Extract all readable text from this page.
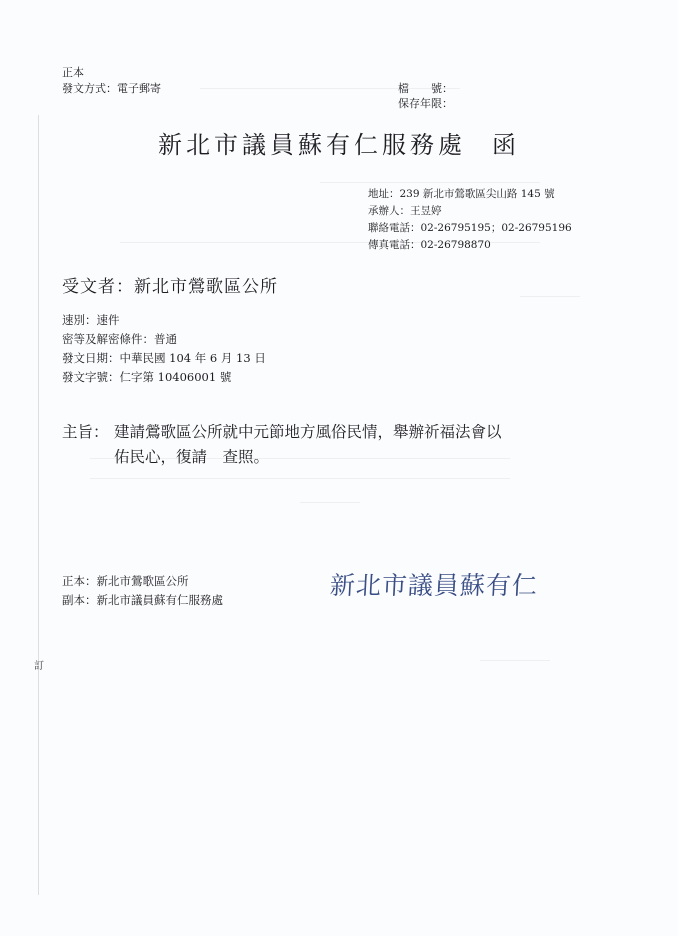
訂
正本
發文方式：電子郵寄	檔　　號：
保存年限：
新北市議員蘇有仁服務處 函
地址：239 新北市鶯歌區尖山路 145 號
承辦人：王昱婷
聯絡電話：02-26795195；02-26795196
傳真電話：02-26798870
受文者：新北市鶯歌區公所
速別：速件
密等及解密條件：普通
發文日期：中華民國 104 年 6 月 13 日
發文字號：仁字第 10406001 號
主旨： 建請鶯歌區公所就中元節地方風俗民情，舉辦祈福法會以
佑民心，復請　查照。
正本：新北市鶯歌區公所
副本：新北市議員蘇有仁服務處	新北市議員蘇有仁
